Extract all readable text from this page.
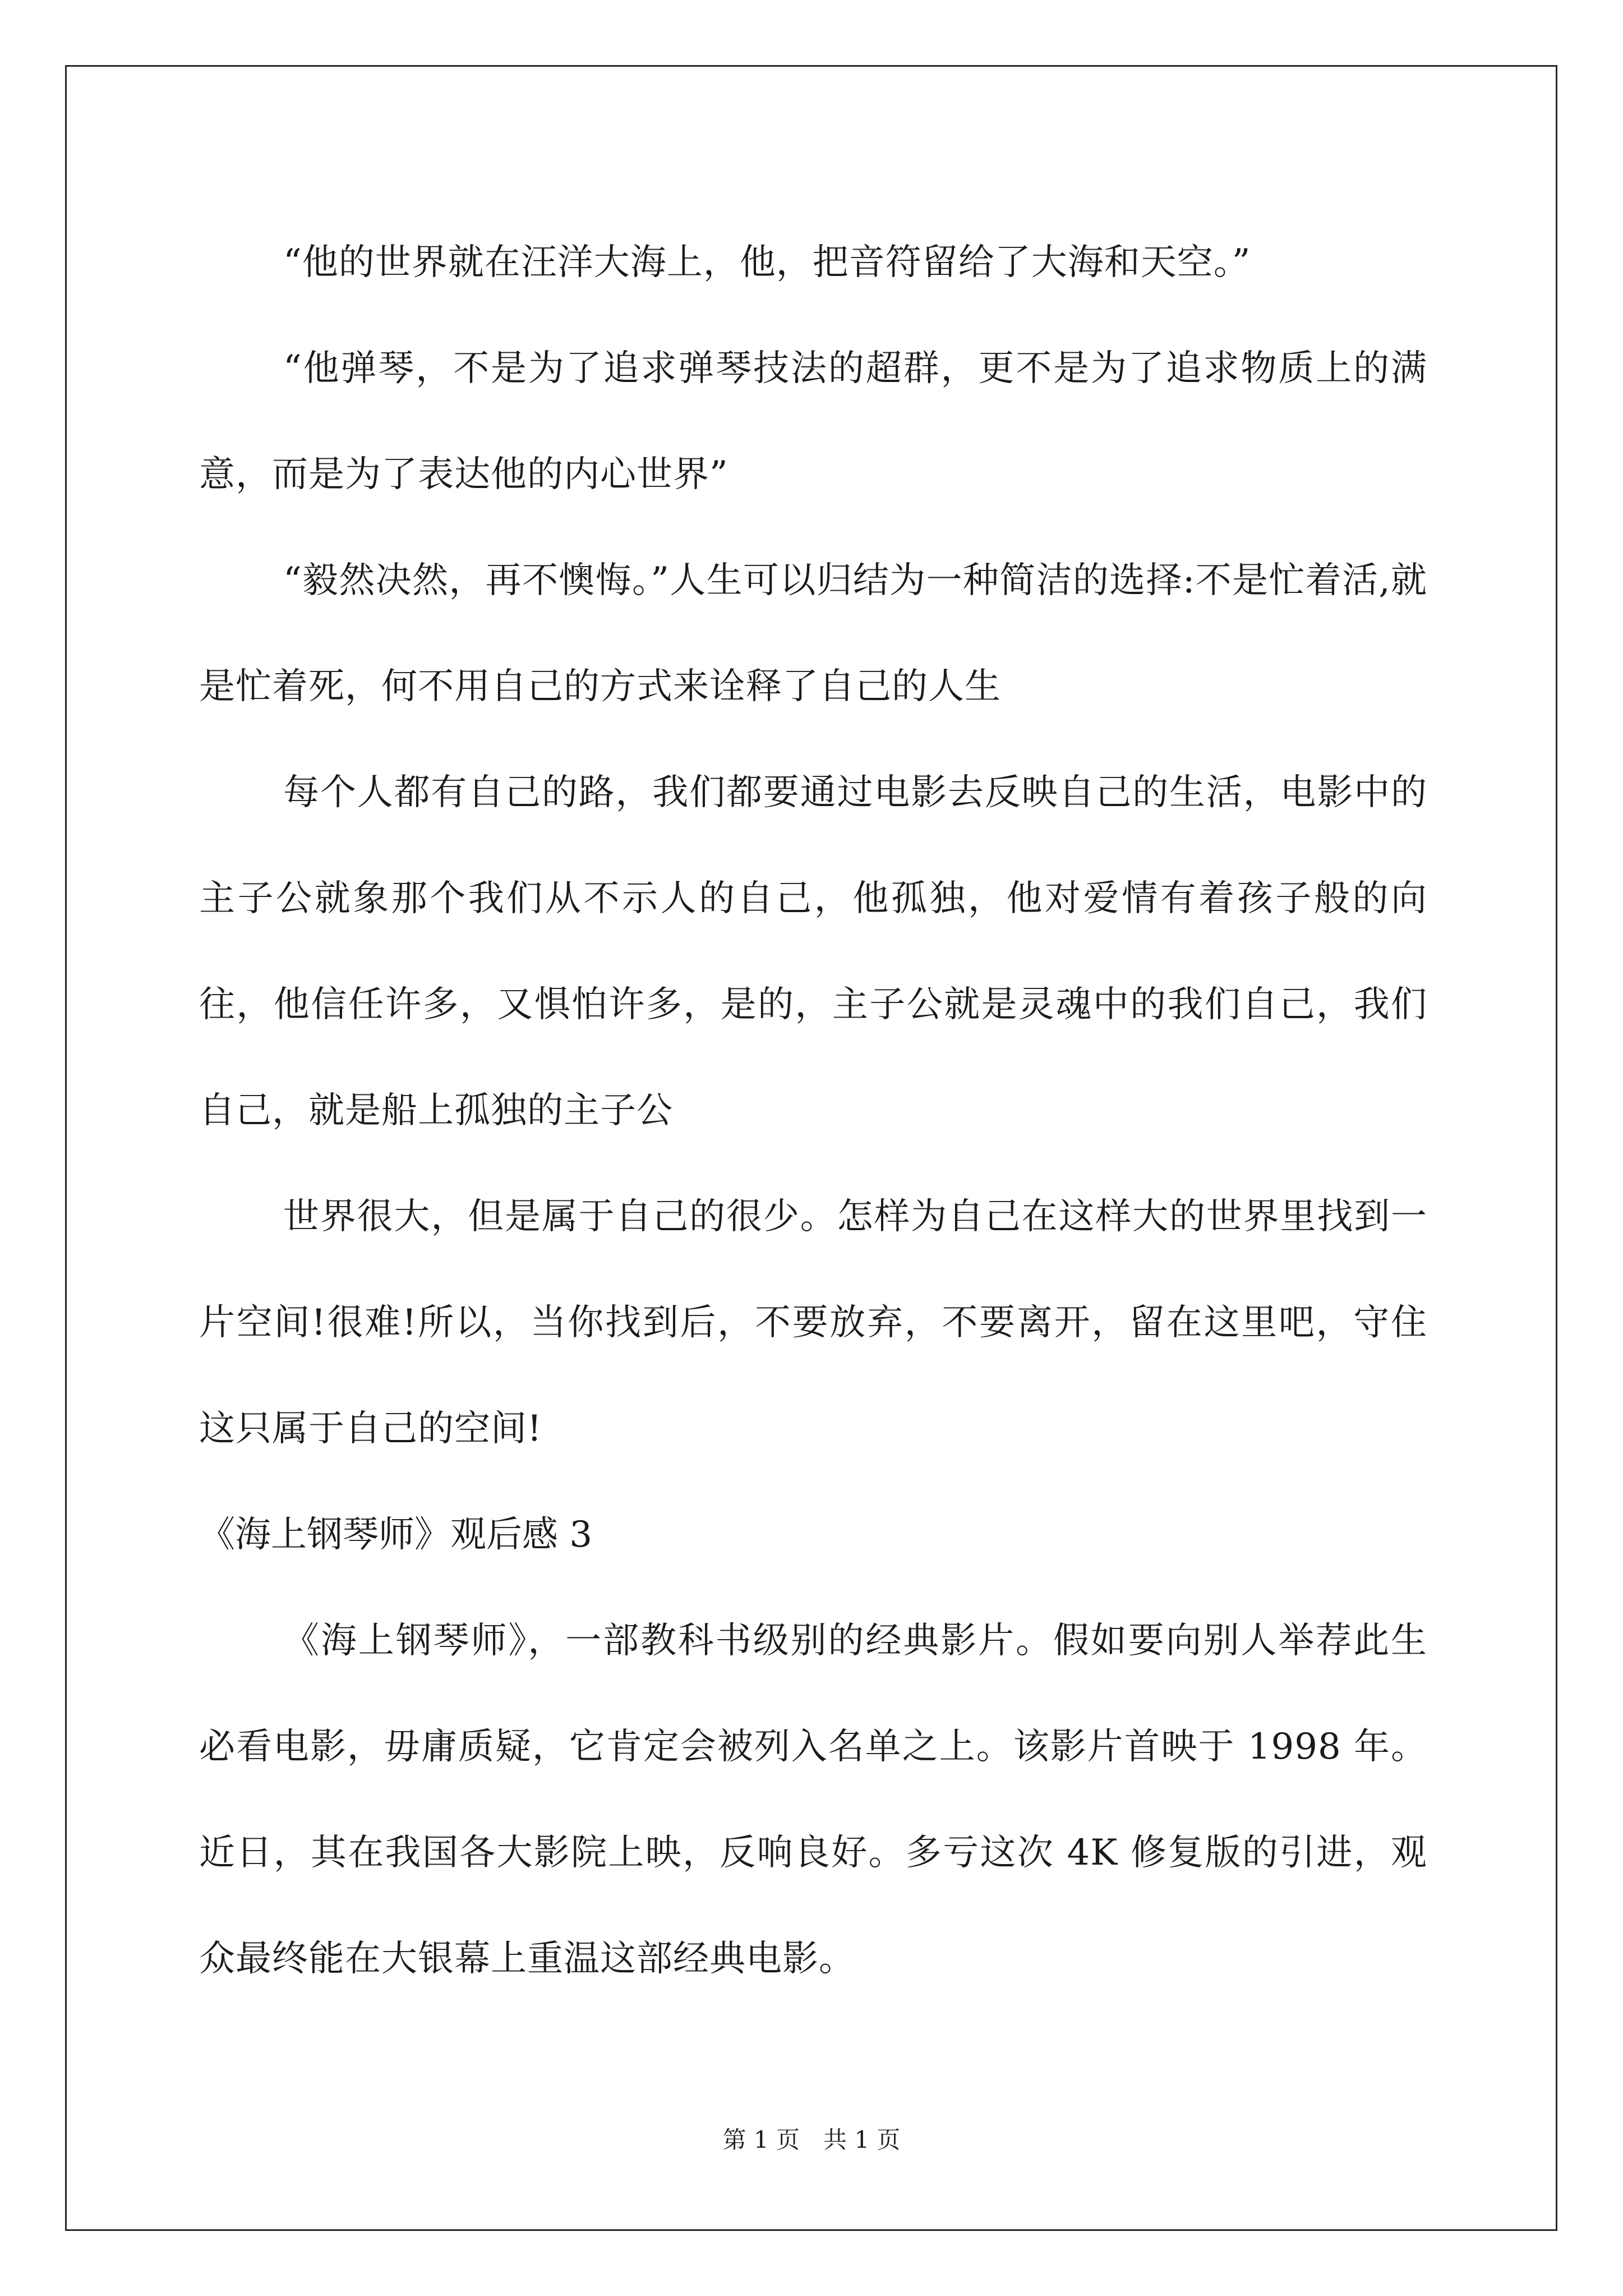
“他的世界就在汪洋大海上，他，把音符留给了大海和天空。”

“他弹琴，不是为了追求弹琴技法的超群，更不是为了追求物质上的满意，而是为了表达他的内心世界”

“毅然决然，再不懊悔。”人生可以归结为一种简洁的选择:不是忙着活,就是忙着死，何不用自己的方式来诠释了自己的人生

每个人都有自己的路，我们都要通过电影去反映自己的生活，电影中的主子公就象那个我们从不示人的自己，他孤独，他对爱情有着孩子般的向往，他信任许多，又惧怕许多，是的，主子公就是灵魂中的我们自己，我们自己，就是船上孤独的主子公

世界很大，但是属于自己的很少。怎样为自己在这样大的世界里找到一片空间!很难!所以，当你找到后，不要放弃，不要离开，留在这里吧，守住这只属于自己的空间!

《海上钢琴师》观后感 3

《海上钢琴师》，一部教科书级别的经典影片。假如要向别人举荐此生必看电影，毋庸质疑，它肯定会被列入名单之上。该影片首映于 1998 年。近日，其在我国各大影院上映，反响良好。多亏这次 4K 修复版的引进，观众最终能在大银幕上重温这部经典电影。

第 1 页 共 1 页
